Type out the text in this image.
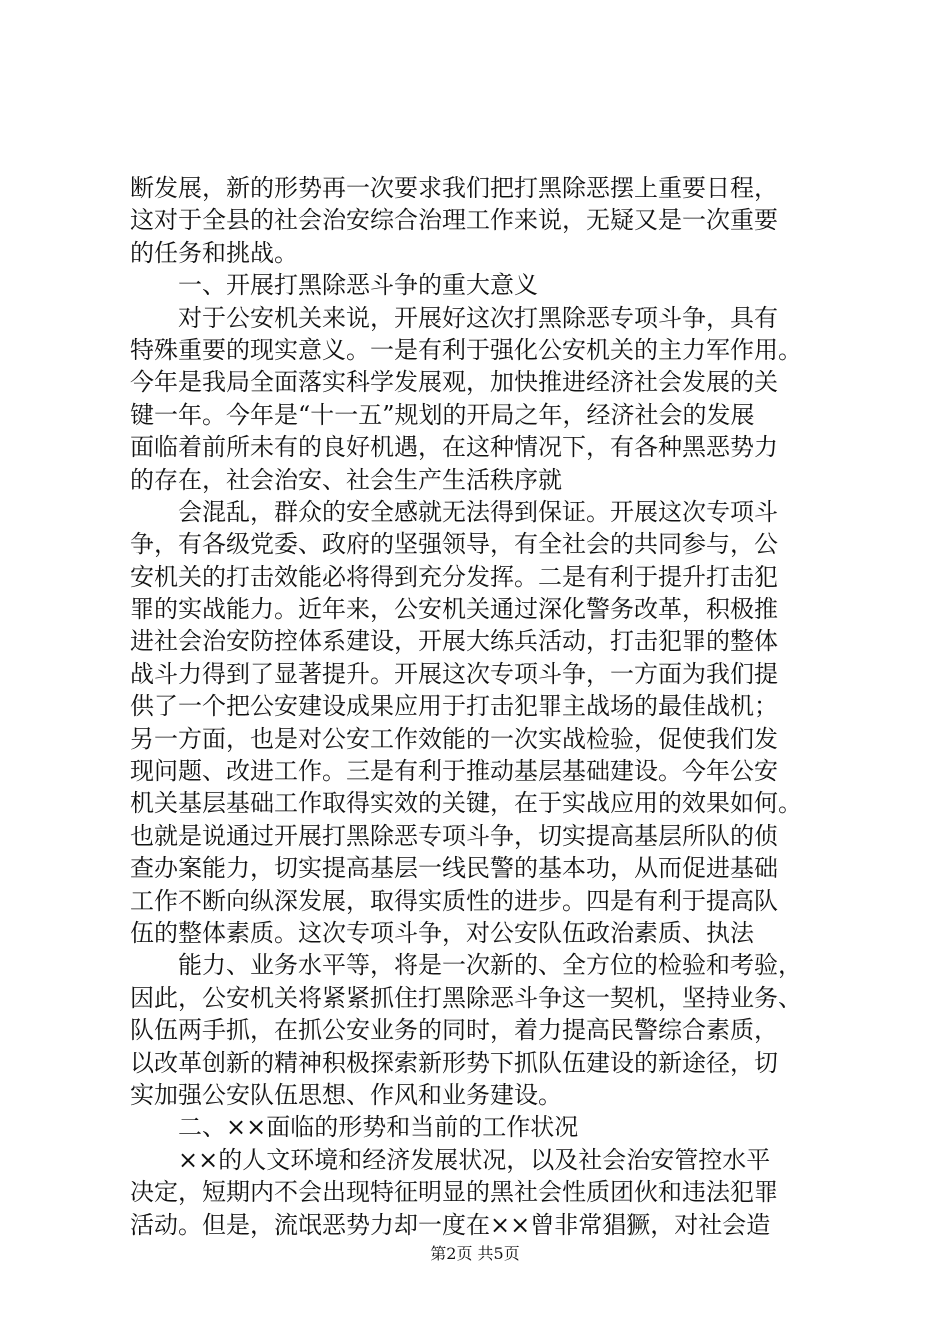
断发展，新的形势再一次要求我们把打黑除恶摆上重要日程，
这对于全县的社会治安综合治理工作来说，无疑又是一次重要
的任务和挑战。
　　一、开展打黑除恶斗争的重大意义
　　对于公安机关来说，开展好这次打黑除恶专项斗争，具有
特殊重要的现实意义。一是有利于强化公安机关的主力军作用。
今年是我局全面落实科学发展观，加快推进经济社会发展的关
键一年。今年是“十一五”规划的开局之年，经济社会的发展
面临着前所未有的良好机遇，在这种情况下，有各种黑恶势力
的存在，社会治安、社会生产生活秩序就
　　会混乱，群众的安全感就无法得到保证。开展这次专项斗
争，有各级党委、政府的坚强领导，有全社会的共同参与，公
安机关的打击效能必将得到充分发挥。二是有利于提升打击犯
罪的实战能力。近年来，公安机关通过深化警务改革，积极推
进社会治安防控体系建设，开展大练兵活动，打击犯罪的整体
战斗力得到了显著提升。开展这次专项斗争，一方面为我们提
供了一个把公安建设成果应用于打击犯罪主战场的最佳战机；
另一方面，也是对公安工作效能的一次实战检验，促使我们发
现问题、改进工作。三是有利于推动基层基础建设。今年公安
机关基层基础工作取得实效的关键，在于实战应用的效果如何。
也就是说通过开展打黑除恶专项斗争，切实提高基层所队的侦
查办案能力，切实提高基层一线民警的基本功，从而促进基础
工作不断向纵深发展，取得实质性的进步。四是有利于提高队
伍的整体素质。这次专项斗争，对公安队伍政治素质、执法
　　能力、业务水平等，将是一次新的、全方位的检验和考验，
因此，公安机关将紧紧抓住打黑除恶斗争这一契机，坚持业务、
队伍两手抓，在抓公安业务的同时，着力提高民警综合素质，
以改革创新的精神积极探索新形势下抓队伍建设的新途径，切
实加强公安队伍思想、作风和业务建设。
　　二、××面临的形势和当前的工作状况
　　××的人文环境和经济发展状况，以及社会治安管控水平
决定，短期内不会出现特征明显的黑社会性质团伙和违法犯罪
活动。但是，流氓恶势力却一度在××曾非常猖獗，对社会造
第2页 共5页
